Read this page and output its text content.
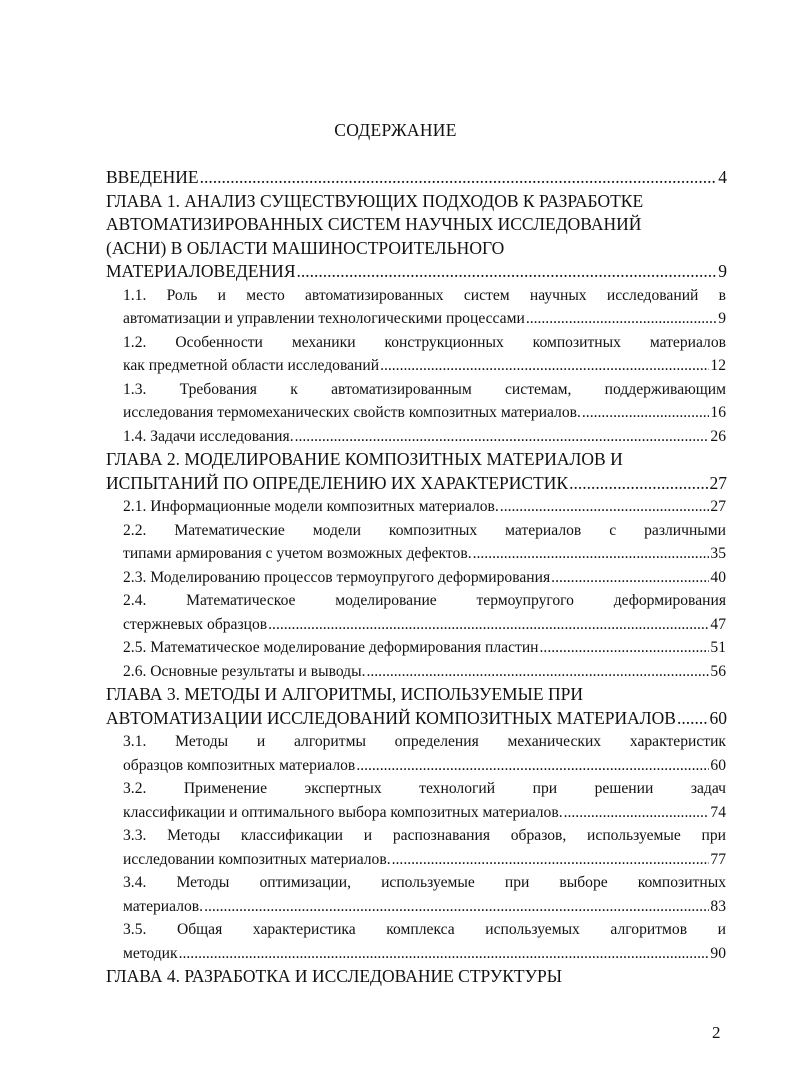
СОДЕРЖАНИЕ
ВВЕДЕНИЕ .....	4
ГЛАВА 1. АНАЛИЗ СУЩЕСТВУЮЩИХ ПОДХОДОВ К РАЗРАБОТКЕ
АВТОМАТИЗИРОВАННЫХ СИСТЕМ НАУЧНЫХ ИССЛЕДОВАНИЙ
(АСНИ) В ОБЛАСТИ МАШИНОСТРОИТЕЛЬНОГО
МАТЕРИАЛОВЕДЕНИЯ .....	9
1.1. Роль и место автоматизированных систем научных исследований в
автоматизации и управлении технологическими процессами .....	9
1.2. Особенности механики конструкционных композитных материалов
как предметной области исследований .....	12
1.3. Требования к автоматизированным системам, поддерживающим
исследования термомеханических свойств композитных материалов. .....	16
1.4. Задачи исследования. .....	26
ГЛАВА 2. МОДЕЛИРОВАНИЕ КОМПОЗИТНЫХ МАТЕРИАЛОВ И
ИСПЫТАНИЙ ПО ОПРЕДЕЛЕНИЮ ИХ ХАРАКТЕРИСТИК .....	27
2.1. Информационные модели композитных материалов. .....	27
2.2. Математические модели композитных материалов с различными
типами армирования с учетом возможных дефектов. .....	35
2.3. Моделированию процессов термоупругого деформирования .....	40
2.4. Математическое моделирование термоупругого деформирования
стержневых образцов .....	47
2.5. Математическое моделирование деформирования пластин .....	51
2.6. Основные результаты и выводы. .....	56
ГЛАВА 3. МЕТОДЫ И АЛГОРИТМЫ, ИСПОЛЬЗУЕМЫЕ ПРИ
АВТОМАТИЗАЦИИ ИССЛЕДОВАНИЙ КОМПОЗИТНЫХ МАТЕРИАЛОВ ..... 60
3.1. Методы и алгоритмы определения механических характеристик
образцов композитных материалов .....	60
3.2. Применение экспертных технологий при решении задач
классификации и оптимального выбора композитных материалов. .....	74
3.3. Методы классификации и распознавания образов, используемые при
исследовании композитных материалов. .....	77
3.4. Методы оптимизации, используемые при выборе композитных
материалов. .....	83
3.5. Общая характеристика комплекса используемых алгоритмов и
методик .....	90
ГЛАВА 4. РАЗРАБОТКА И ИССЛЕДОВАНИЕ СТРУКТУРЫ
2
